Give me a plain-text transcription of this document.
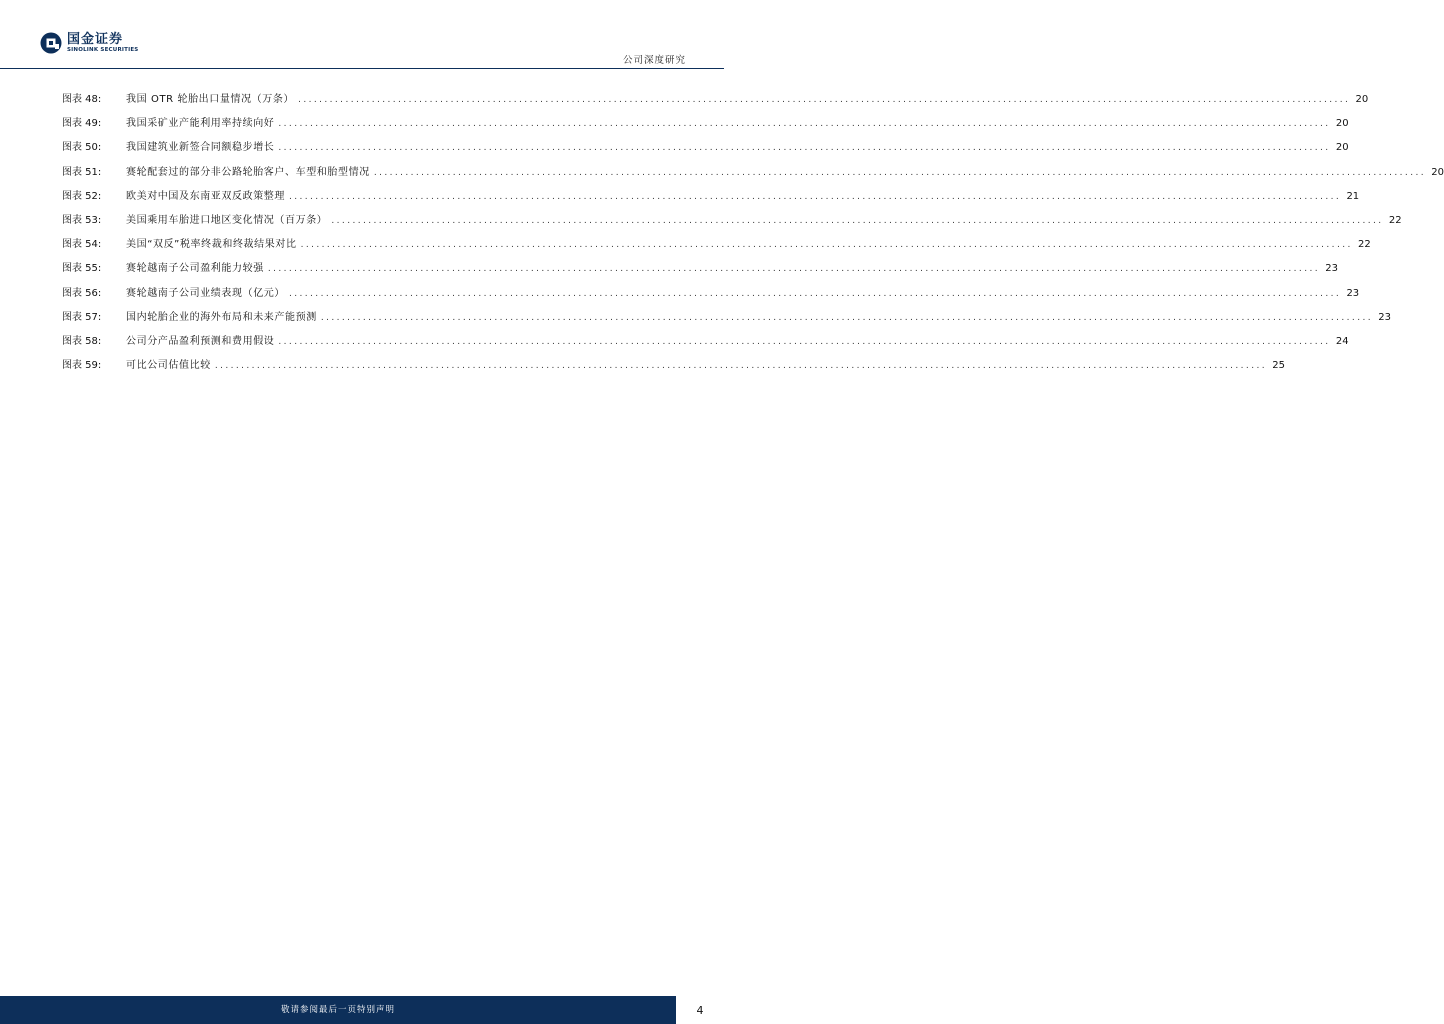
国金证券
SINOLINK SECURITIES
公司深度研究
图表 48:	我国 OTR 轮胎出口量情况（万条） ........................................................................................................................................................................................................ 20
图表 49:	我国采矿业产能利用率持续向好 ........................................................................................................................................................................................................ 20
图表 50:	我国建筑业新签合同额稳步增长 ........................................................................................................................................................................................................ 20
图表 51:	赛轮配套过的部分非公路轮胎客户、车型和胎型情况 ........................................................................................................................................................................................................ 20
图表 52:	欧美对中国及东南亚双反政策整理 ........................................................................................................................................................................................................ 21
图表 53:	美国乘用车胎进口地区变化情况（百万条） ........................................................................................................................................................................................................ 22
图表 54:	美国“双反”税率终裁和终裁结果对比 ........................................................................................................................................................................................................ 22
图表 55:	赛轮越南子公司盈利能力较强 ........................................................................................................................................................................................................ 23
图表 56:	赛轮越南子公司业绩表现（亿元） ........................................................................................................................................................................................................ 23
图表 57:	国内轮胎企业的海外布局和未来产能预测 ........................................................................................................................................................................................................ 23
图表 58:	公司分产品盈利预测和费用假设 ........................................................................................................................................................................................................ 24
图表 59:	可比公司估值比较 ........................................................................................................................................................................................................ 25
敬请参阅最后一页特别声明	4
